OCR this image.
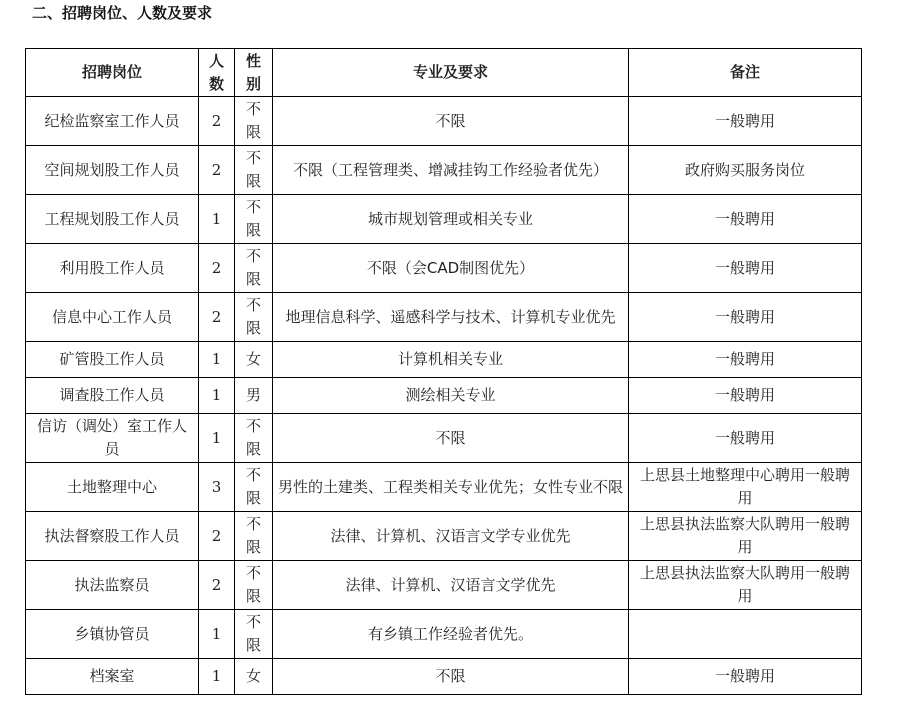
二、招聘岗位、人数及要求
招聘岗位	人数	性别	专业及要求	备注
纪检监察室工作人员	2	不限	不限	一般聘用
空间规划股工作人员	2	不限	不限（工程管理类、增减挂钩工作经验者优先）	政府购买服务岗位
工程规划股工作人员	1	不限	城市规划管理或相关专业	一般聘用
利用股工作人员	2	不限	不限（会CAD制图优先）	一般聘用
信息中心工作人员	2	不限	地理信息科学、遥感科学与技术、计算机专业优先	一般聘用
矿管股工作人员	1	女	计算机相关专业	一般聘用
调查股工作人员	1	男	测绘相关专业	一般聘用
信访（调处）室工作人员	1	不限	不限	一般聘用
土地整理中心	3	不限	男性的土建类、工程类相关专业优先；女性专业不限	上思县土地整理中心聘用一般聘用
执法督察股工作人员	2	不限	法律、计算机、汉语言文学专业优先	上思县执法监察大队聘用一般聘用
执法监察员	2	不限	法律、计算机、汉语言文学优先	上思县执法监察大队聘用一般聘用
乡镇协管员	1	不限	有乡镇工作经验者优先。	
档案室	1	女	不限	一般聘用
